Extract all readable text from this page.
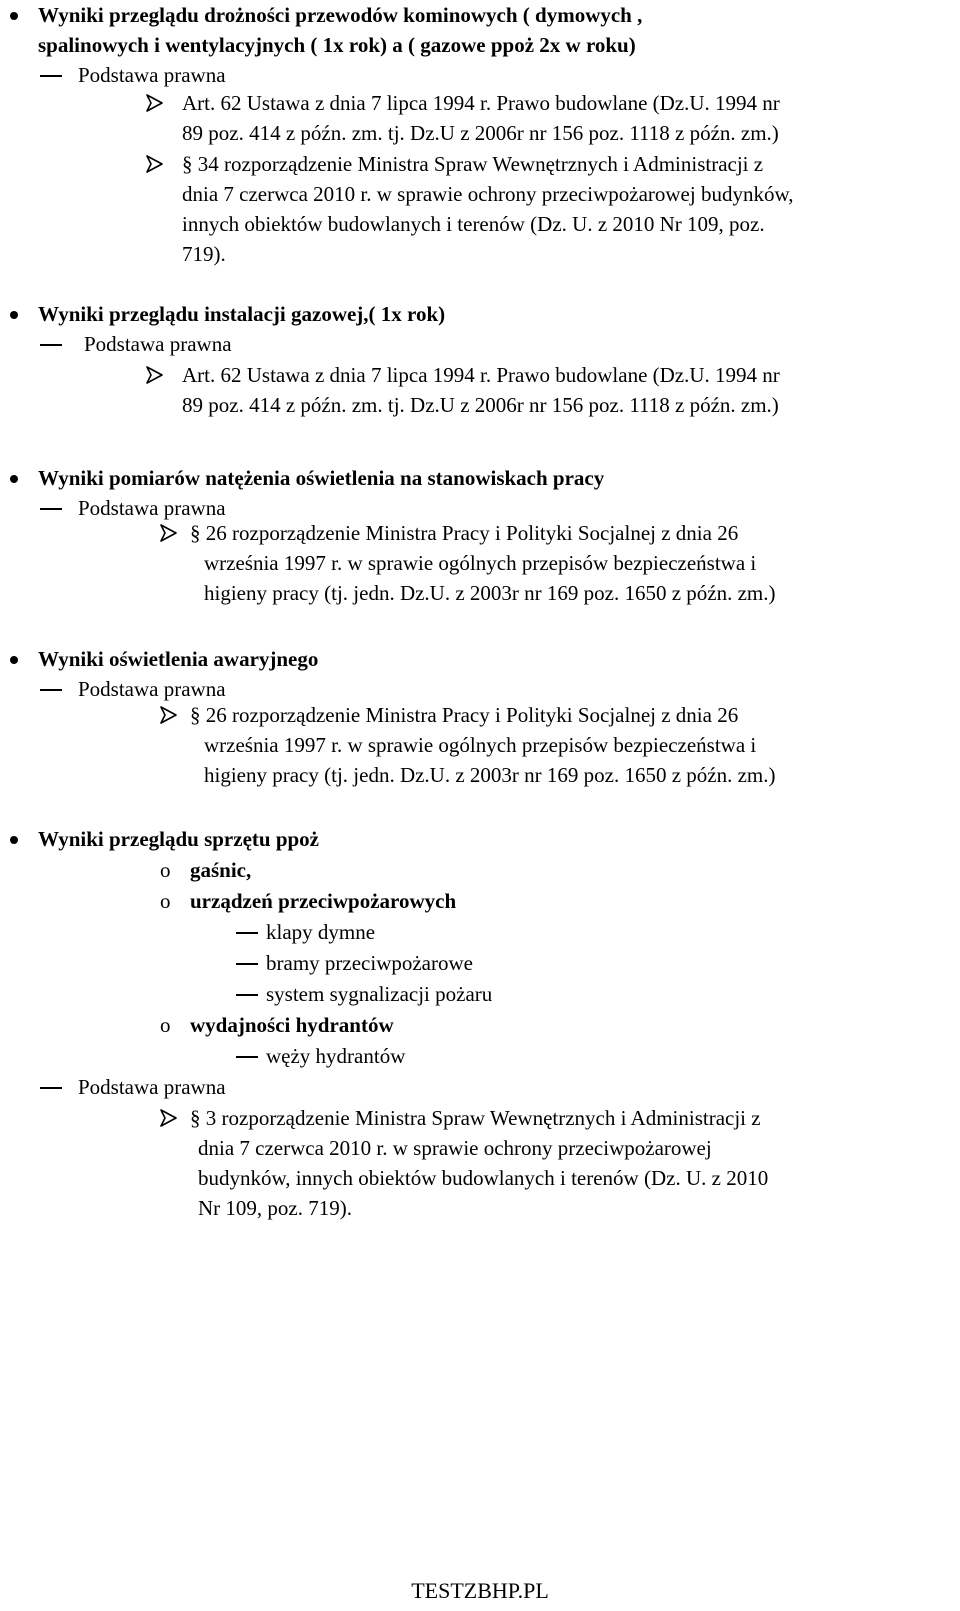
Wyniki przeglądu drożności przewodów kominowych ( dymowych ,
spalinowych i wentylacyjnych ( 1x rok) a ( gazowe ppoż 2x w roku)
Podstawa prawna
Art. 62 Ustawa z dnia 7 lipca 1994 r. Prawo budowlane (Dz.U. 1994 nr
89 poz. 414 z późn. zm. tj. Dz.U z 2006r nr 156 poz. 1118 z późn. zm.)
§ 34 rozporządzenie Ministra Spraw Wewnętrznych i Administracji z
dnia 7 czerwca 2010 r. w sprawie ochrony przeciwpożarowej budynków,
innych obiektów budowlanych i terenów (Dz. U. z 2010 Nr 109, poz.
719).
Wyniki przeglądu instalacji gazowej,( 1x rok)
Podstawa prawna
Art. 62 Ustawa z dnia 7 lipca 1994 r. Prawo budowlane (Dz.U. 1994 nr
89 poz. 414 z późn. zm. tj. Dz.U z 2006r nr 156 poz. 1118 z późn. zm.)
Wyniki pomiarów natężenia oświetlenia na stanowiskach pracy
Podstawa prawna
§ 26 rozporządzenie Ministra Pracy i Polityki Socjalnej z dnia 26
września 1997 r. w sprawie ogólnych przepisów bezpieczeństwa i
higieny pracy (tj. jedn. Dz.U. z 2003r nr 169 poz. 1650 z późn. zm.)
Wyniki oświetlenia awaryjnego
Podstawa prawna
§ 26 rozporządzenie Ministra Pracy i Polityki Socjalnej z dnia 26
września 1997 r. w sprawie ogólnych przepisów bezpieczeństwa i
higieny pracy (tj. jedn. Dz.U. z 2003r nr 169 poz. 1650 z późn. zm.)
Wyniki przeglądu sprzętu ppoż
o gaśnic,
o urządzeń przeciwpożarowych
klapy dymne
bramy przeciwpożarowe
system sygnalizacji pożaru
o wydajności hydrantów
węży hydrantów
Podstawa prawna
§ 3 rozporządzenie Ministra Spraw Wewnętrznych i Administracji z
dnia 7 czerwca 2010 r. w sprawie ochrony przeciwpożarowej
budynków, innych obiektów budowlanych i terenów (Dz. U. z 2010
Nr 109, poz. 719).
TESTZBHP.PL
